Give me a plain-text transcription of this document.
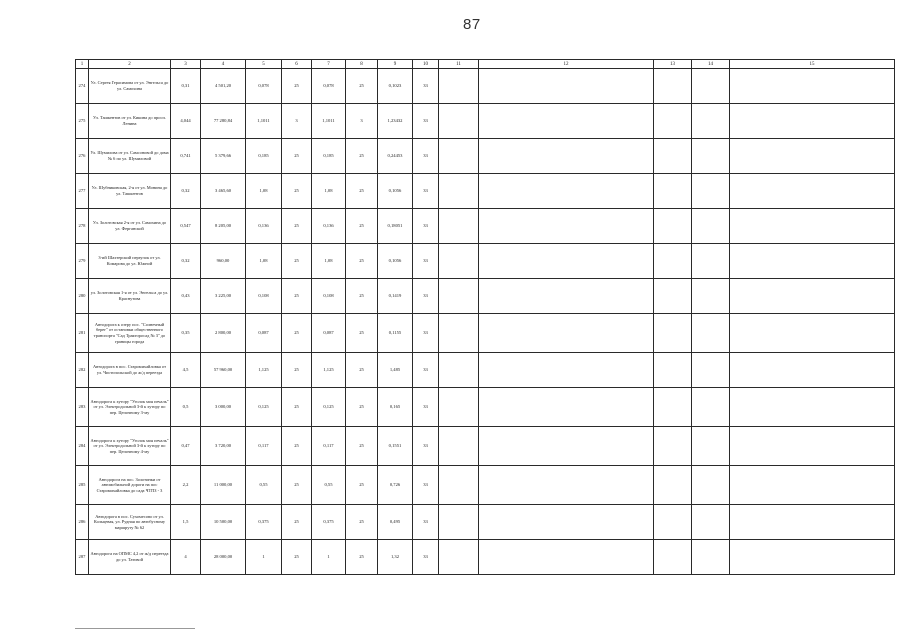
87
1	2	3	4	5	6	7	8	9	10	11	12	13	14	15
274	Ул. Сергея Герасимова от ул. Энгельса до ул. Самохина	0,31	4 501,20	0,078	25	0,078	25	0,1023	33					
275	Ул. Ташкентов от ул. Кикина до просп. Ленина	4,044	77 280,84	1,1011	3	1,1011	3	1,23432	33					
276	Ул. Шумилова от ул. Самсоновой до дома № 6 по ул. Шумиловой	0,741	5 379,66	0,185	25	0,185	25	0,24453	33					
277	Ул. Шубниковская, 2-я от ул. Монина до ул. Ташкентов	0,32	3 465,60	1,08	25	1,08	25	0,1056	33					
278	Ул. Золотовская 2-я от ул. Самохина до ул. Ферганской	0,547	8 205,00	0,136	25	0,136	25	0,18051	33					
279	3-ий Шахтерский переулок от ул. Комарова до ул. Южной	0,32	960,00	1,08	25	1,08	25	0,1056	33					
280	ул. Золотовская 1-я от ул. Энгельса до ул. Краснутова	0,43	3 225,00	0,108	25	0,108	25	0,1419	33					
281	Автодорога к озеру пос. "Солнечный берег" от остановки общественного транспорта "Сад Тракторосад № 3" до границы города	0,35	2 800,00	0,087	25	0,087	25	0,1155	33					
282	Автодорога в пос. Старомихайловка от ул. Чистопольской до ж/д переезда	4,5	57 960,00	1,125	25	1,125	25	1,485	33					
283	Автодорога к хутору "Уголок моя печаль" от ул. Электродольной 3-й к хутору по пер. Цепочному 3-му	0,5	3 000,00	0,125	25	0,125	25	0,165	33					
284	Автодорога к хутору "Уголок моя печаль" от ул. Электродольной 3-й к хутору по пер. Цепочному 4-му	0,47	3 720,00	0,117	25	0,117	25	0,1551	33					
285	Автодорога на пос. Золотинки от автомобильной дороги на пос Старомихайловка до сада ЧТПЗ - 3	2,2	11 000,00	0,55	25	0,55	25	0,726	33					
286	Автодорога в пос. Сухомесово от ул. Кольцевая, ул. Рудная по автобусному маршруту № 62	1,5	10 500,00	0,375	25	0,375	25	0,495	33					
287	Автодорога на ОПМС 4,2 от ж/д переезда до ул. Татовой	4	28 000,00	1	25	1	25	1,32	33					
